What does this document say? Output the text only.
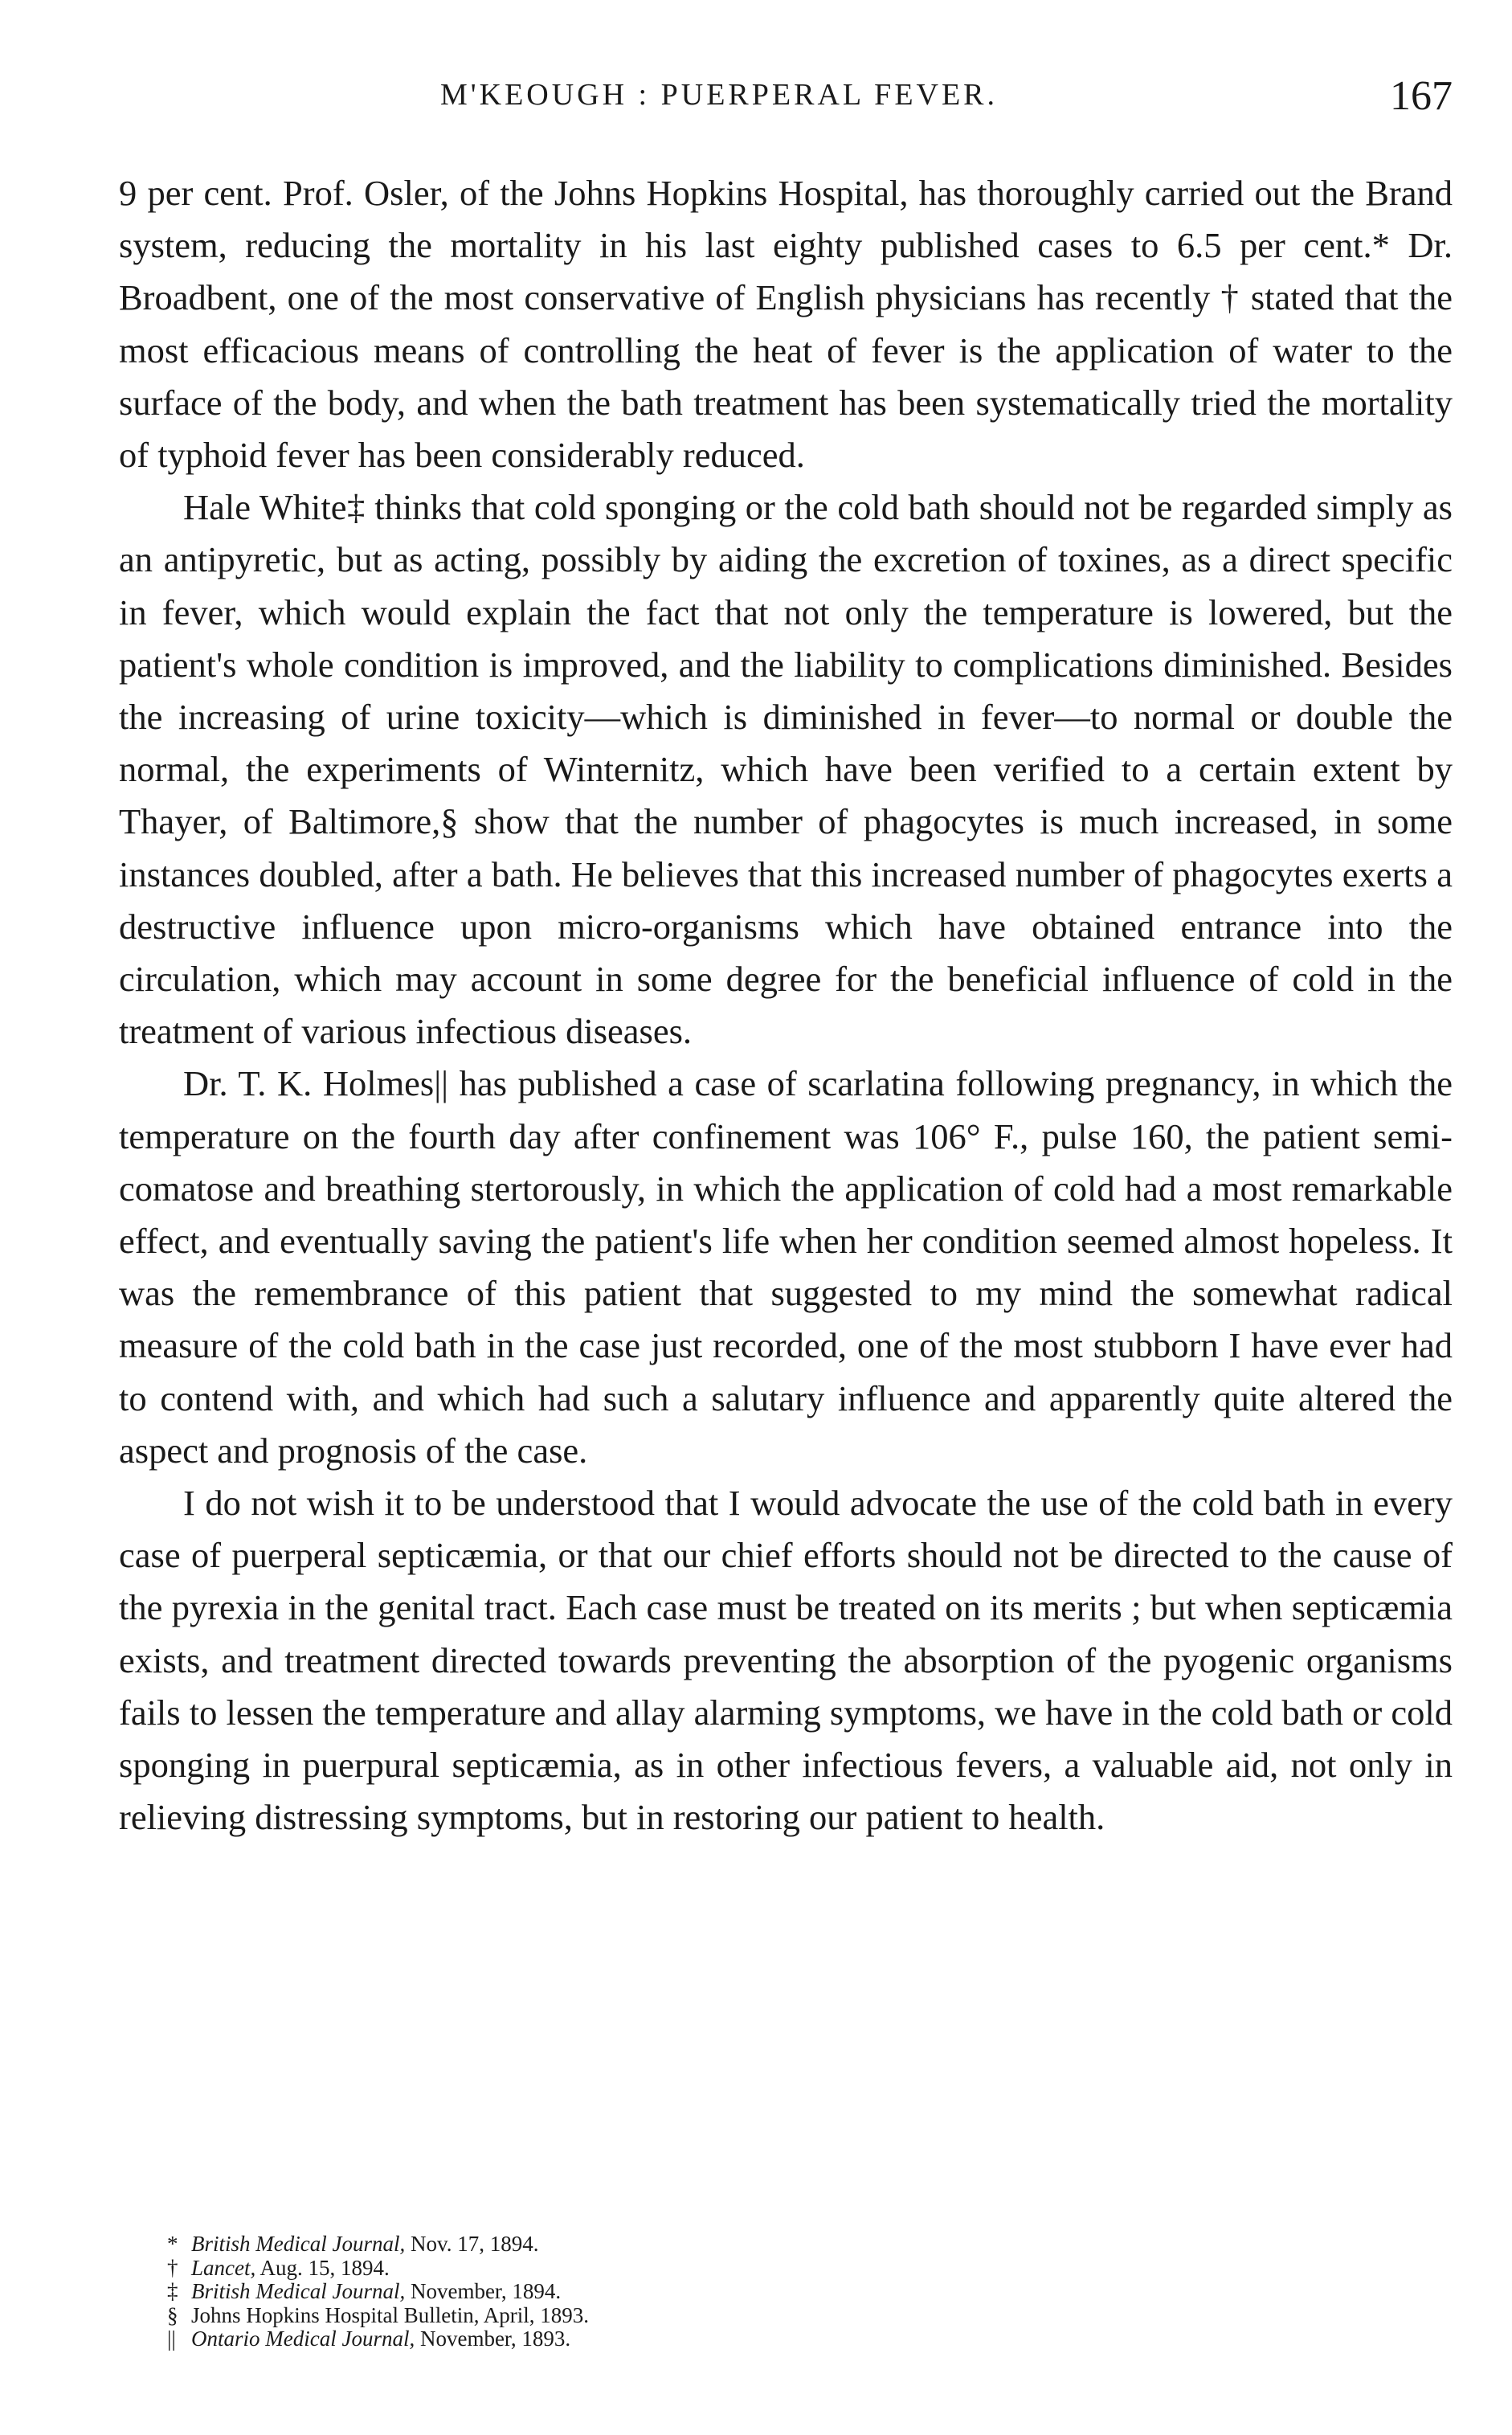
M'KEOUGH : PUERPERAL FEVER.	167

9 per cent. Prof. Osler, of the Johns Hopkins Hospital, has thoroughly carried out the Brand system, reducing the mortality in his last eighty published cases to 6.5 per cent.* Dr. Broadbent, one of the most conservative of English physicians has recently † stated that the most efficacious means of controlling the heat of fever is the application of water to the surface of the body, and when the bath treatment has been systematically tried the mortality of typhoid fever has been considerably reduced.

Hale White‡ thinks that cold sponging or the cold bath should not be regarded simply as an antipyretic, but as acting, possibly by aiding the excretion of toxines, as a direct specific in fever, which would explain the fact that not only the temperature is lowered, but the patient's whole condition is improved, and the liability to complications diminished. Besides the increasing of urine toxicity—which is diminished in fever—to normal or double the normal, the experiments of Winternitz, which have been verified to a certain extent by Thayer, of Baltimore,§ show that the number of phagocytes is much increased, in some instances doubled, after a bath. He believes that this increased number of phagocytes exerts a destructive influence upon micro-organisms which have obtained entrance into the circulation, which may account in some degree for the beneficial influence of cold in the treatment of various infectious diseases.

Dr. T. K. Holmes|| has published a case of scarlatina following pregnancy, in which the temperature on the fourth day after confinement was 106° F., pulse 160, the patient semi-comatose and breathing stertorously, in which the application of cold had a most remarkable effect, and eventually saving the patient's life when her condition seemed almost hopeless. It was the remembrance of this patient that suggested to my mind the somewhat radical measure of the cold bath in the case just recorded, one of the most stubborn I have ever had to contend with, and which had such a salutary influence and apparently quite altered the aspect and prognosis of the case.

I do not wish it to be understood that I would advocate the use of the cold bath in every case of puerperal septicæmia, or that our chief efforts should not be directed to the cause of the pyrexia in the genital tract. Each case must be treated on its merits ; but when septicæmia exists, and treatment directed towards preventing the absorption of the pyogenic organisms fails to lessen the temperature and allay alarming symptoms, we have in the cold bath or cold sponging in puerpural septicæmia, as in other infectious fevers, a valuable aid, not only in relieving distressing symptoms, but in restoring our patient to health.

* British Medical Journal, Nov. 17, 1894.
† Lancet, Aug. 15, 1894.
‡ British Medical Journal, November, 1894.
§ Johns Hopkins Hospital Bulletin, April, 1893.
|| Ontario Medical Journal, November, 1893.
